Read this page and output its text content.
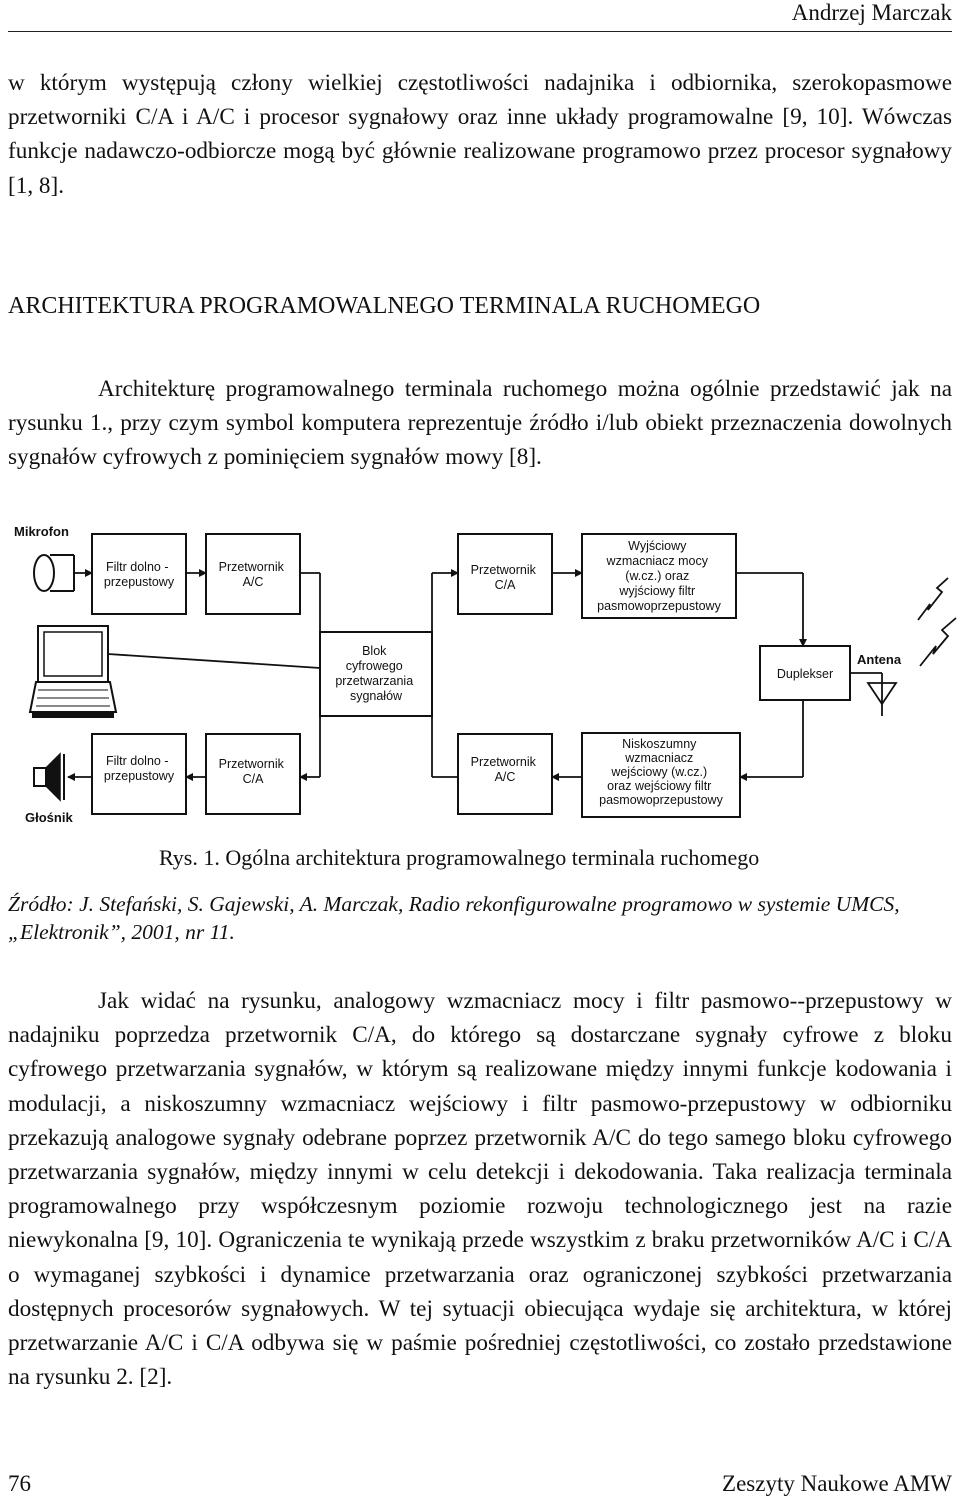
Andrzej Marczak

w którym występują człony wielkiej częstotliwości nadajnika i odbiornika, szerokopasmowe przetworniki C/A i A/C i procesor sygnałowy oraz inne układy programowalne [9, 10]. Wówczas funkcje nadawczo-odbiorcze mogą być głównie realizowane programowo przez procesor sygnałowy [1, 8].

ARCHITEKTURA PROGRAMOWALNEGO TERMINALA RUCHOMEGO

Architekturę programowalnego terminala ruchomego można ogólnie przedstawić jak na rysunku 1., przy czym symbol komputera reprezentuje źródło i/lub obiekt przeznaczenia dowolnych sygnałów cyfrowych z pominięciem sygnałów mowy [8].

Mikrofon
Filtr dolno - przepustowy
Przetwornik A/C
Blok cyfrowego przetwarzania sygnałów
Przetwornik C/A
Wyjściowy wzmacniacz mocy (w.cz.) oraz wyjściowy filtr pasmowoprzepustowy
Duplekser
Antena
Niskoszumny wzmacniacz wejściowy (w.cz.) oraz wejściowy filtr pasmowoprzepustowy
Przetwornik A/C
Przetwornik C/A
Filtr dolno - przepustowy
Głośnik

Rys. 1. Ogólna architektura programowalnego terminala ruchomego

Źródło: J. Stefański, S. Gajewski, A. Marczak, Radio rekonfigurowalne programowo w systemie UMCS, „Elektronik”, 2001, nr 11.

Jak widać na rysunku, analogowy wzmacniacz mocy i filtr pasmowo--przepustowy w nadajniku poprzedza przetwornik C/A, do którego są dostarczane sygnały cyfrowe z bloku cyfrowego przetwarzania sygnałów, w którym są realizowane między innymi funkcje kodowania i modulacji, a niskoszumny wzmacniacz wejściowy i filtr pasmowo-przepustowy w odbiorniku przekazują analogowe sygnały odebrane poprzez przetwornik A/C do tego samego bloku cyfrowego przetwarzania sygnałów, między innymi w celu detekcji i dekodowania. Taka realizacja terminala programowalnego przy współczesnym poziomie rozwoju technologicznego jest na razie niewykonalna [9, 10]. Ograniczenia te wynikają przede wszystkim z braku przetworników A/C i C/A o wymaganej szybkości i dynamice przetwarzania oraz ograniczonej szybkości przetwarzania dostępnych procesorów sygnałowych. W tej sytuacji obiecująca wydaje się architektura, w której przetwarzanie A/C i C/A odbywa się w paśmie pośredniej częstotliwości, co zostało przedstawione na rysunku 2. [2].

76	Zeszyty Naukowe AMW
